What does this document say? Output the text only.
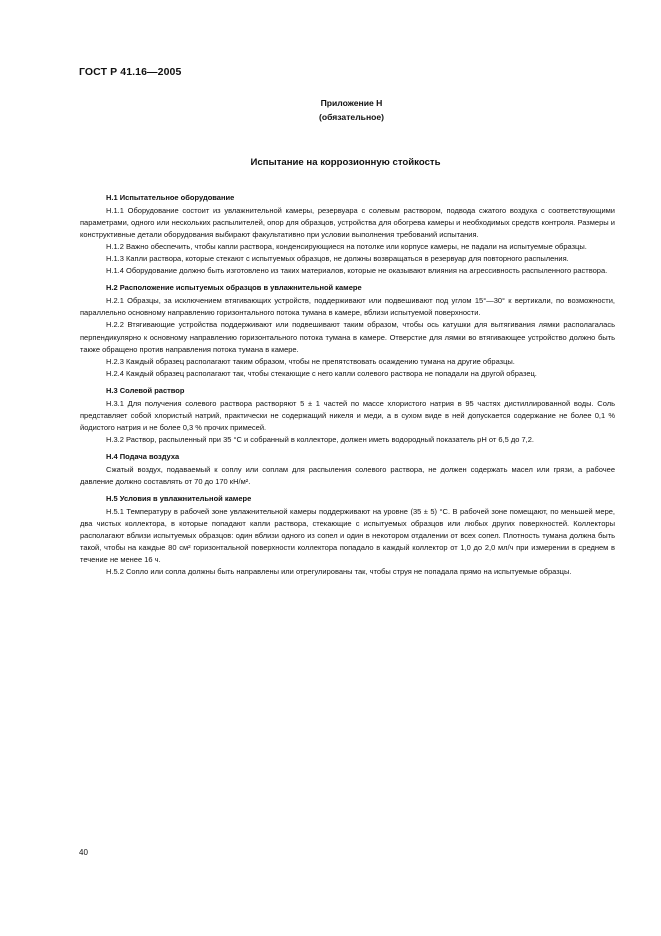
ГОСТ Р 41.16—2005
Приложение Н
(обязательное)
Испытание на коррозионную стойкость
Н.1 Испытательное оборудование

Н.1.1 Оборудование состоит из увлажнительной камеры, резервуара с солевым раствором, подвода сжатого воздуха с соответствующими параметрами, одного или нескольких распылителей, опор для образцов, устройства для обогрева камеры и необходимых средств контроля. Размеры и конструктивные детали оборудования выбирают факультативно при условии выполнения требований испытания.

Н.1.2 Важно обеспечить, чтобы капли раствора, конденсирующиеся на потолке или корпусе камеры, не падали на испытуемые образцы.

Н.1.3 Капли раствора, которые стекают с испытуемых образцов, не должны возвращаться в резервуар для повторного распыления.

Н.1.4 Оборудование должно быть изготовлено из таких материалов, которые не оказывают влияния на агрессивность распыленного раствора.

Н.2 Расположение испытуемых образцов в увлажнительной камере

Н.2.1 Образцы, за исключением втягивающих устройств, поддерживают или подвешивают под углом 15°—30° к вертикали, по возможности, параллельно основному направлению горизонтального потока тумана в камере, вблизи испытуемой поверхности.

Н.2.2 Втягивающие устройства поддерживают или подвешивают таким образом, чтобы ось катушки для вытягивания лямки располагалась перпендикулярно к основному направлению горизонтального потока тумана в камере. Отверстие для лямки во втягивающее устройство должно быть также обращено против направления потока тумана в камере.

Н.2.3 Каждый образец располагают таким образом, чтобы не препятствовать осаждению тумана на другие образцы.

Н.2.4 Каждый образец располагают так, чтобы стекающие с него капли солевого раствора не попадали на другой образец.

Н.3 Солевой раствор

Н.3.1 Для получения солевого раствора растворяют 5 ± 1 частей по массе хлористого натрия в 95 частях дистиллированной воды. Соль представляет собой хлористый натрий, практически не содержащий никеля и меди, а в сухом виде в ней допускается содержание не более 0,1 % йодистого натрия и не более 0,3 % прочих примесей.

Н.3.2 Раствор, распыленный при 35 °C и собранный в коллекторе, должен иметь водородный показатель pH от 6,5 до 7,2.

Н.4 Подача воздуха

Сжатый воздух, подаваемый к соплу или соплам для распыления солевого раствора, не должен содержать масел или грязи, а рабочее давление должно составлять от 70 до 170 кН/м².

Н.5 Условия в увлажнительной камере

Н.5.1 Температуру в рабочей зоне увлажнительной камеры поддерживают на уровне (35 ± 5) °C. В рабочей зоне помещают, по меньшей мере, два чистых коллектора, в которые попадают капли раствора, стекающие с испытуемых образцов или любых других поверхностей. Коллекторы располагают вблизи испытуемых образцов: один вблизи одного из сопел и один в некотором отдалении от всех сопел. Плотность тумана должна быть такой, чтобы на каждые 80 см² горизонтальной поверхности коллектора попадало в каждый коллектор от 1,0 до 2,0 мл/ч при измерении в среднем в течение не менее 16 ч.

Н.5.2 Сопло или сопла должны быть направлены или отрегулированы так, чтобы струя не попадала прямо на испытуемые образцы.

40
